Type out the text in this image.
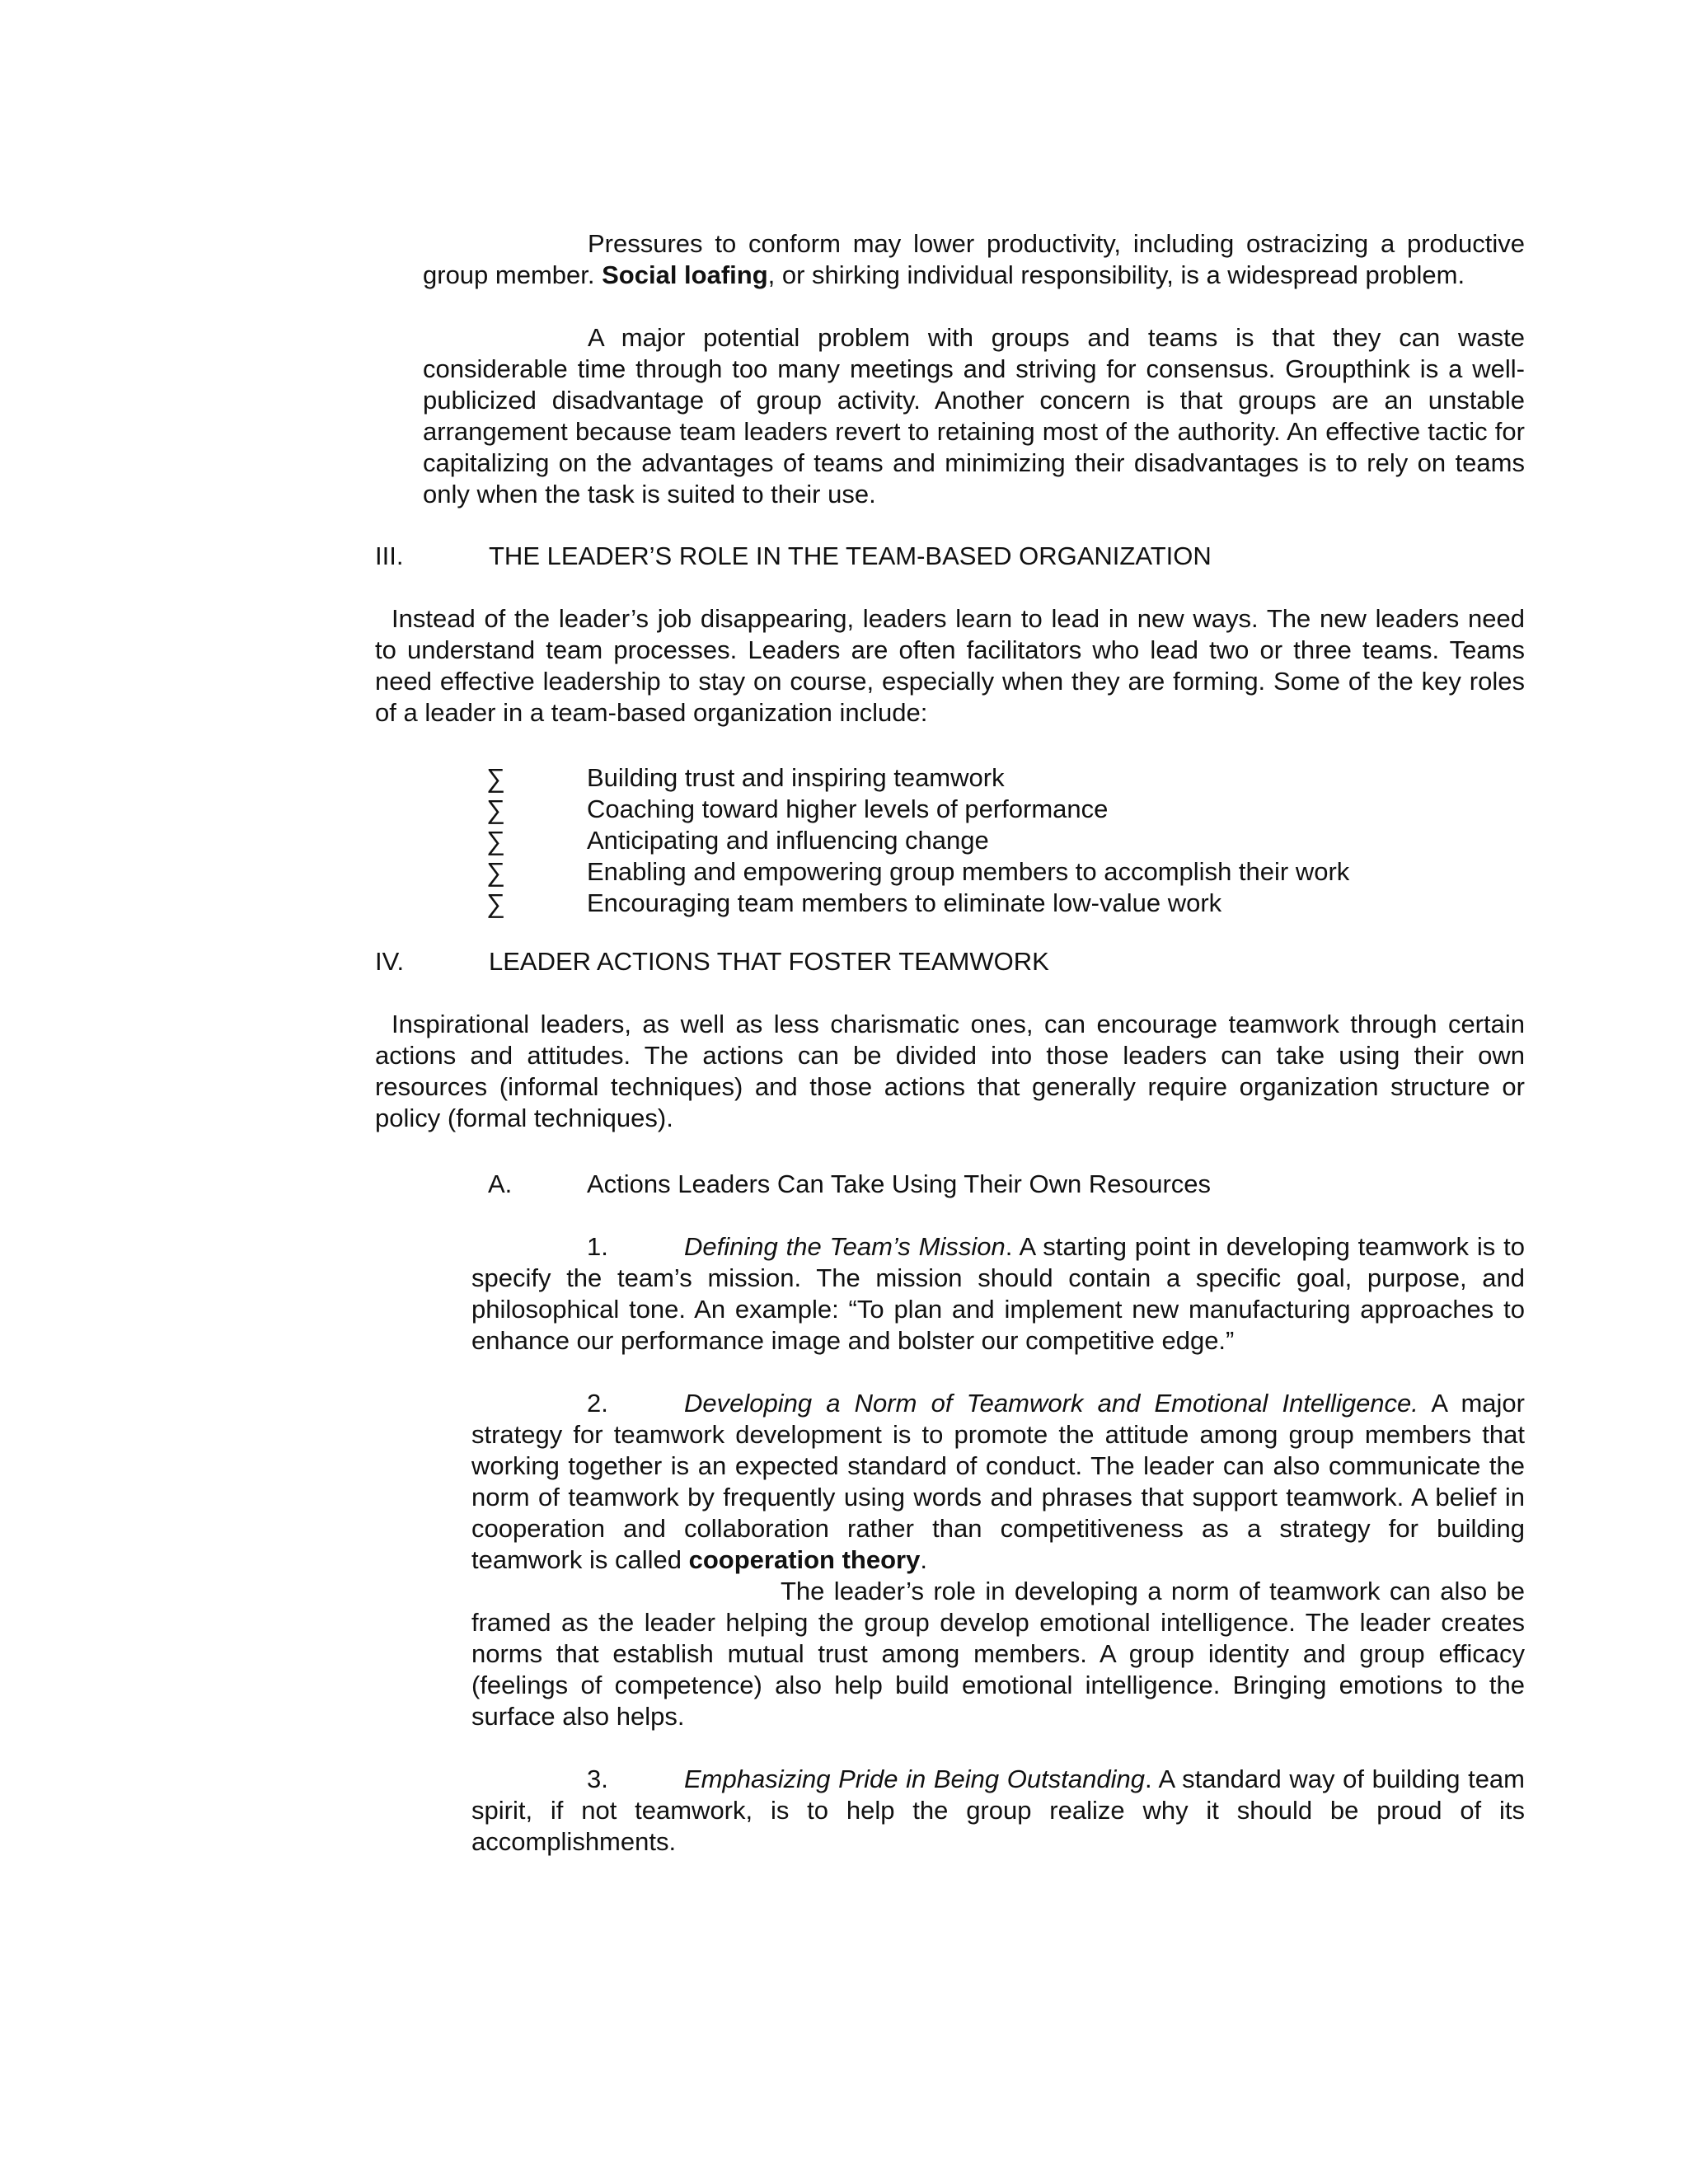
Pressures to conform may lower productivity, including ostracizing a productive group member. Social loafing, or shirking individual responsibility, is a widespread problem.

A major potential problem with groups and teams is that they can waste considerable time through too many meetings and striving for consensus. Groupthink is a well-publicized disadvantage of group activity. Another concern is that groups are an unstable arrangement because team leaders revert to retaining most of the authority. An effective tactic for capitalizing on the advantages of teams and minimizing their disadvantages is to rely on teams only when the task is suited to their use.

III.	THE LEADER’S ROLE IN THE TEAM-BASED ORGANIZATION

Instead of the leader’s job disappearing, leaders learn to lead in new ways. The new leaders need to understand team processes. Leaders are often facilitators who lead two or three teams. Teams need effective leadership to stay on course, especially when they are forming. Some of the key roles of a leader in a team-based organization include:

∑	Building trust and inspiring teamwork
∑	Coaching toward higher levels of performance
∑	Anticipating and influencing change
∑	Enabling and empowering group members to accomplish their work
∑	Encouraging team members to eliminate low-value work
IV.	LEADER ACTIONS THAT FOSTER TEAMWORK

Inspirational leaders, as well as less charismatic ones, can encourage teamwork through certain actions and attitudes. The actions can be divided into those leaders can take using their own resources (informal techniques) and those actions that generally require organization structure or policy (formal techniques).

A.	Actions Leaders Can Take Using Their Own Resources

1.	Defining the Team’s Mission. A starting point in developing teamwork is to specify the team’s mission. The mission should contain a specific goal, purpose, and philosophical tone. An example: “To plan and implement new manufacturing approaches to enhance our performance image and bolster our competitive edge.”

2.	Developing a Norm of Teamwork and Emotional Intelligence. A major strategy for teamwork development is to promote the attitude among group members that working together is an expected standard of conduct. The leader can also communicate the norm of teamwork by frequently using words and phrases that support teamwork. A belief in cooperation and collaboration rather than competitiveness as a strategy for building teamwork is called cooperation theory.

The leader’s role in developing a norm of teamwork can also be framed as the leader helping the group develop emotional intelligence. The leader creates norms that establish mutual trust among members. A group identity and group efficacy (feelings of competence) also help build emotional intelligence. Bringing emotions to the surface also helps.

3.	Emphasizing Pride in Being Outstanding. A standard way of building team spirit, if not teamwork, is to help the group realize why it should be proud of its accomplishments.
